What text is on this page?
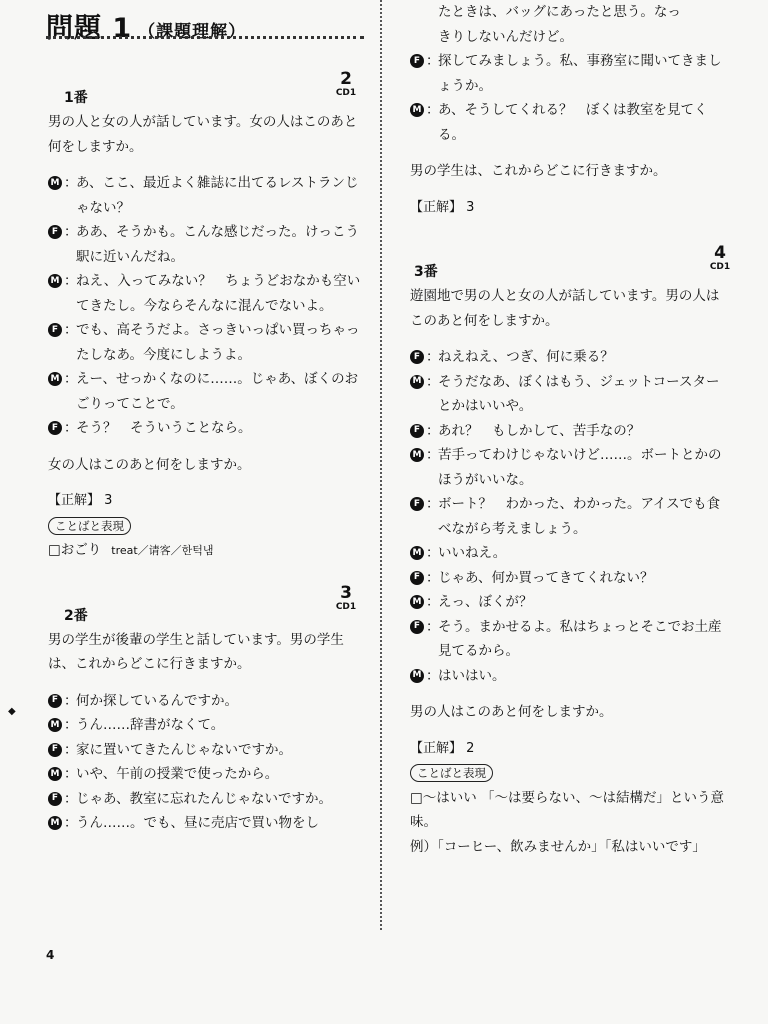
問題 1 （課題理解）
◆
1番
2
CD1

男の人と女の人が話しています。女の人はこのあと何をしますか。

M ：
あ、ここ、最近よく雑誌に出てるレストランじゃない？
F ：
ああ、そうかも。こんな感じだった。けっこう駅に近いんだね。
M ：
ねえ、入ってみない？　ちょうどおなかも空いてきたし。今ならそんなに混んでないよ。
F ：
でも、高そうだよ。さっきいっぱい買っちゃったしなあ。今度にしようよ。
M ：
えー、せっかくなのに……。じゃあ、ぼくのおごりってことで。
F ：
そう？　そういうことなら。

女の人はこのあと何をしますか。

【正解】 3

ことばと表現

□おごり treat／请客／한턱냄

2番
3
CD1

男の学生が後輩の学生と話しています。男の学生は、これからどこに行きますか。

F ：
何か探しているんですか。
M ：
うん……辞書がなくて。
F ：
家に置いてきたんじゃないですか。
M ：
いや、午前の授業で使ったから。
F ：
じゃあ、教室に忘れたんじゃないですか。
M ：
うん……。でも、昼に売店で買い物をし
4
たときは、バッグにあったと思う。なっ
きりしないんだけど。
F ：
探してみましょう。私、事務室に聞いてきましょうか。
M ：
あ、そうしてくれる？　ぼくは教室を見てくる。

男の学生は、これからどこに行きますか。

【正解】 3

3番
4
CD1

遊園地で男の人と女の人が話しています。男の人はこのあと何をしますか。

F ：
ねえねえ、つぎ、何に乗る？
M ：
そうだなあ、ぼくはもう、ジェットコースターとかはいいや。
F ：
あれ？　もしかして、苦手なの？
M ：
苦手ってわけじゃないけど……。ボートとかのほうがいいな。
F ：
ボート？　わかった、わかった。アイスでも食べながら考えましょう。
M ：
いいねえ。
F ：
じゃあ、何か買ってきてくれない？
M ：
えっ、ぼくが？
F ：
そう。まかせるよ。私はちょっとそこでお土産見てるから。
M ：
はいはい。

男の人はこのあと何をしますか。

【正解】 2

ことばと表現

□～はいい 「～は要らない、～は結構だ」という意味。

例）「コーヒー、飲みませんか」「私はいいです」
